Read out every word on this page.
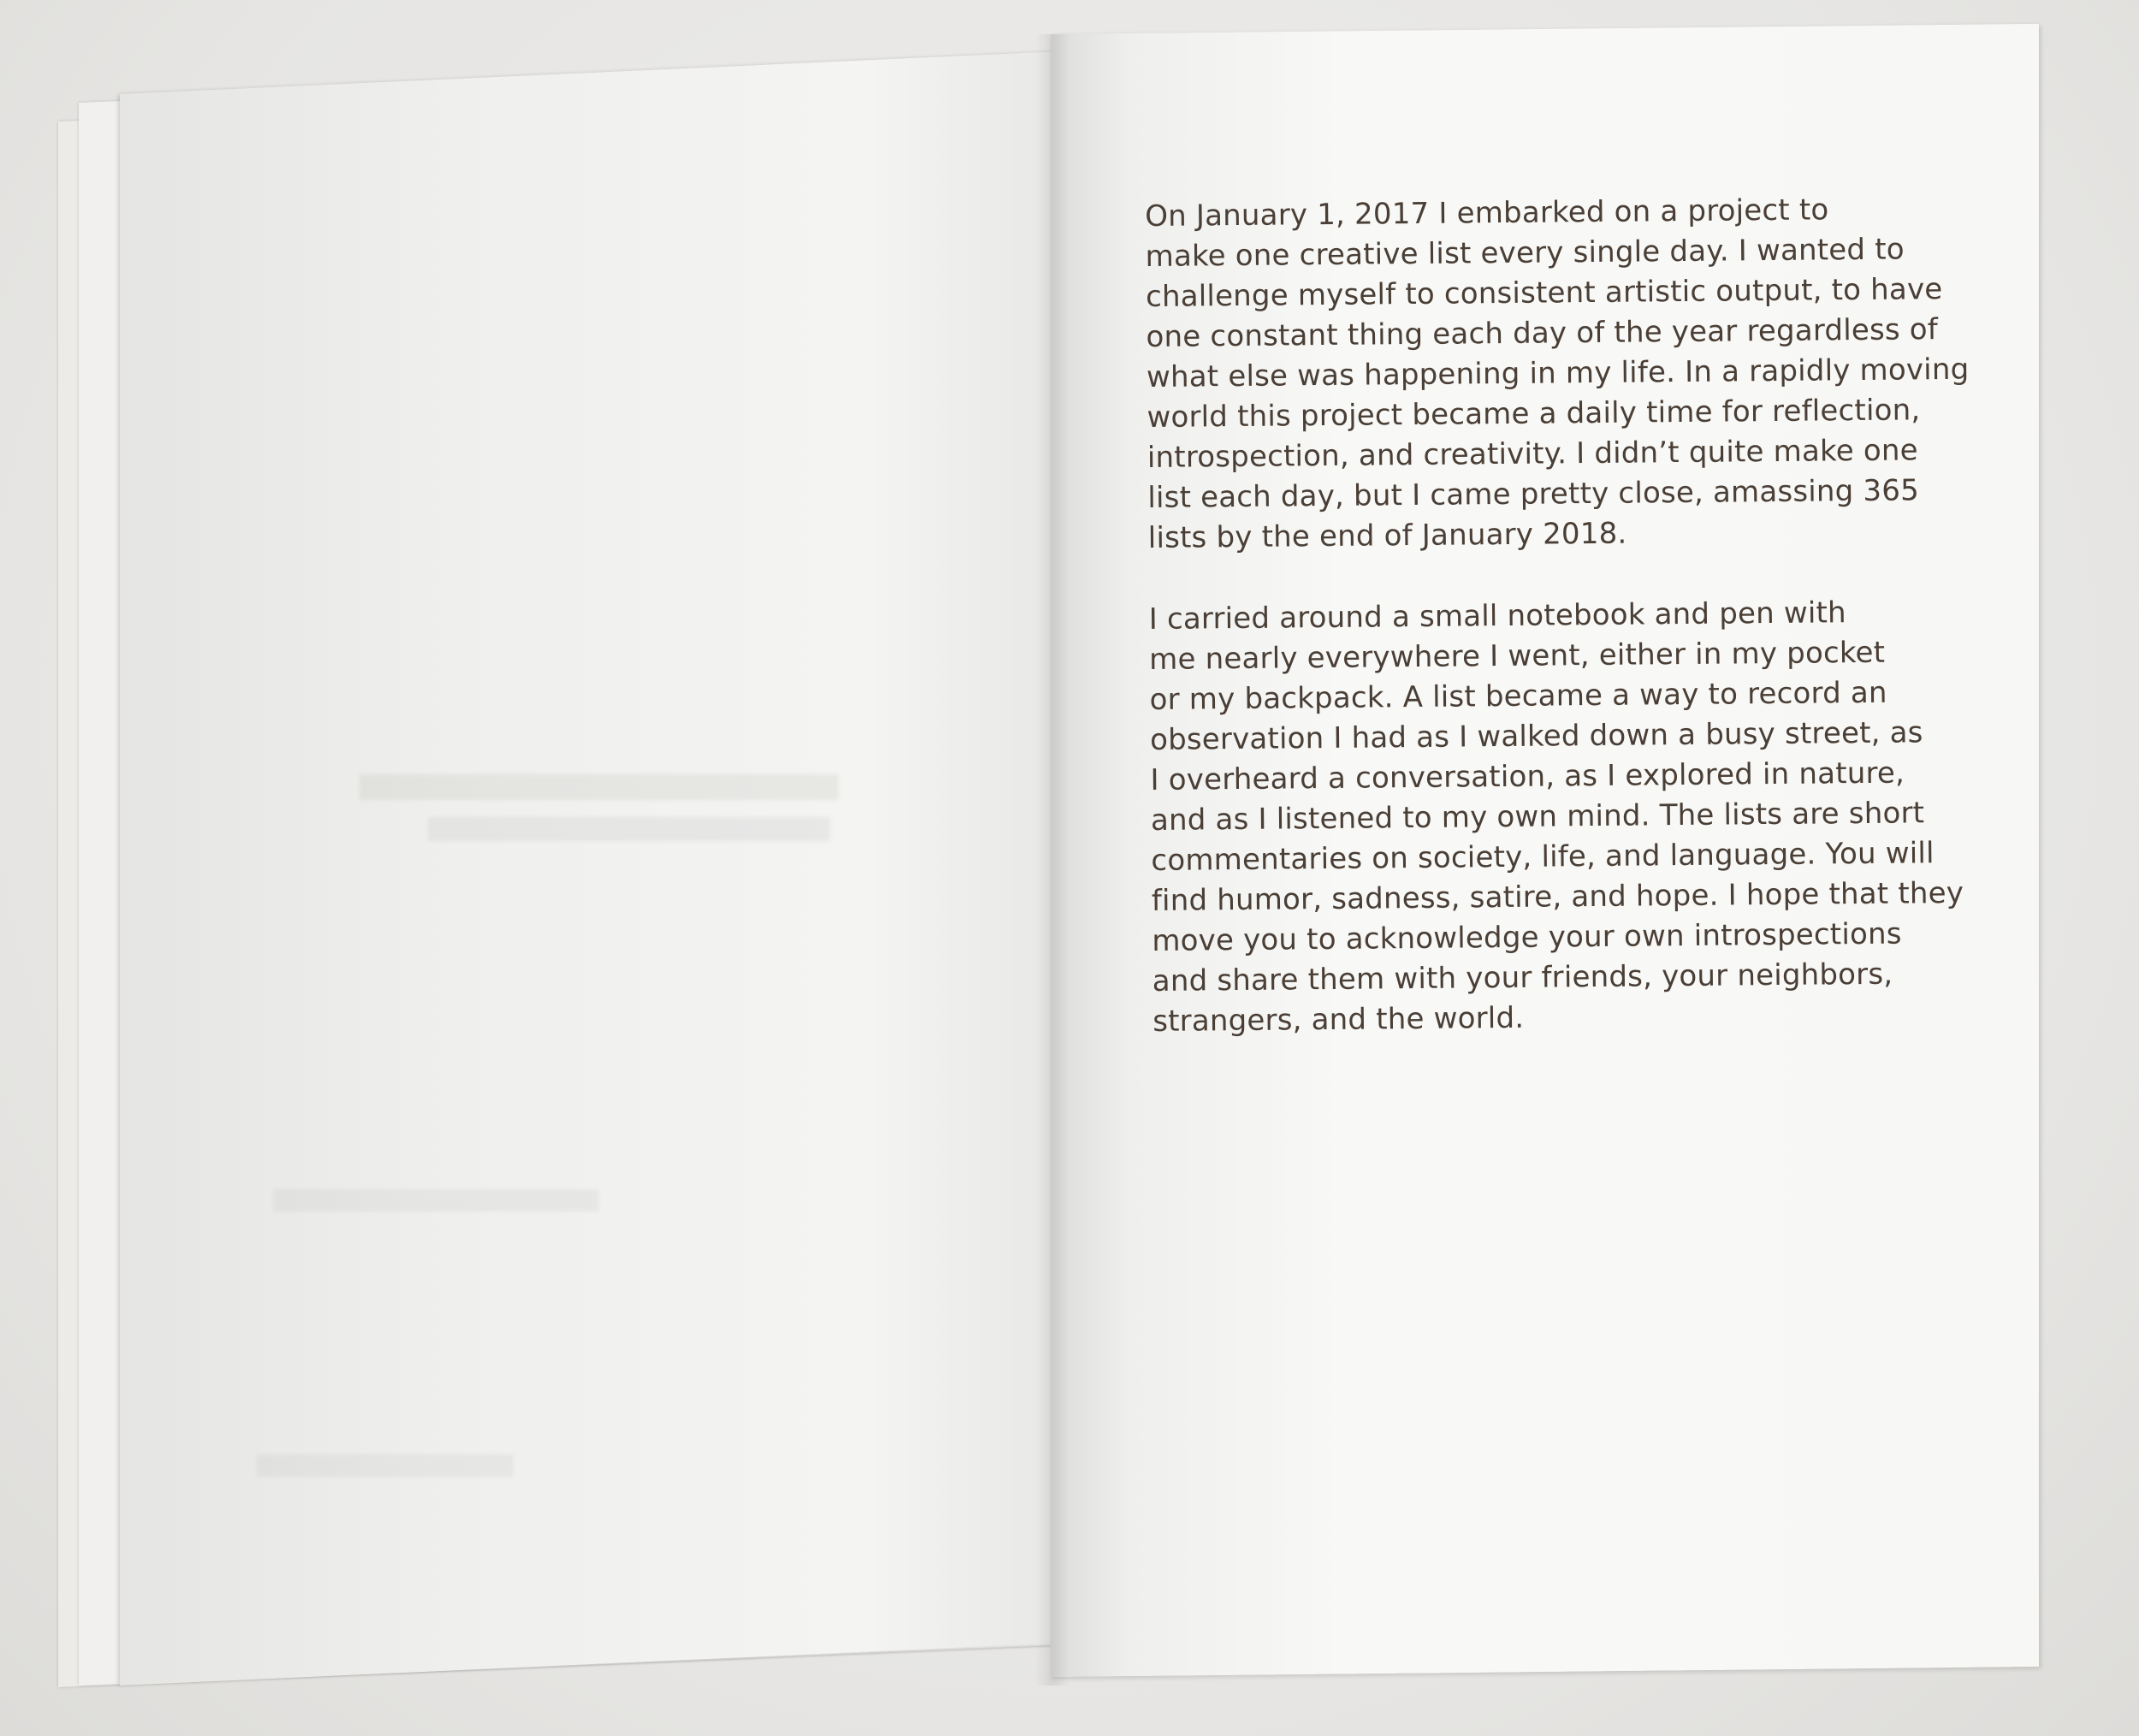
On January 1, 2017 I embarked on a project to
make one creative list every single day. I wanted to
challenge myself to consistent artistic output, to have
one constant thing each day of the year regardless of
what else was happening in my life. In a rapidly moving
world this project became a daily time for reflection,
introspection, and creativity. I didn’t quite make one
list each day, but I came pretty close, amassing 365
lists by the end of January 2018.

I carried around a small notebook and pen with
me nearly everywhere I went, either in my pocket
or my backpack. A list became a way to record an
observation I had as I walked down a busy street, as
I overheard a conversation, as I explored in nature,
and as I listened to my own mind. The lists are short
commentaries on society, life, and language. You will
find humor, sadness, satire, and hope. I hope that they
move you to acknowledge your own introspections
and share them with your friends, your neighbors,
strangers, and the world.
